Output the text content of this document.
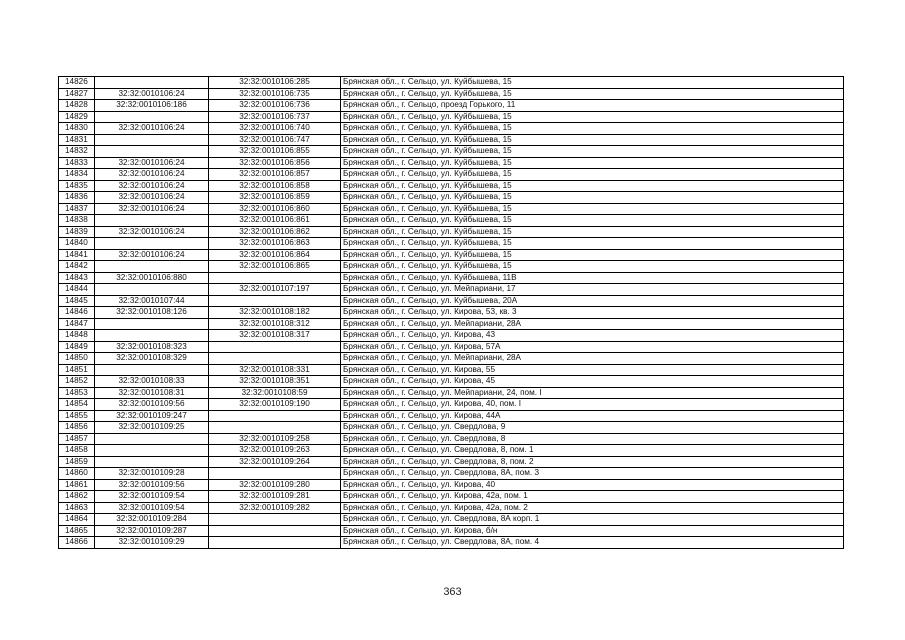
14826		32:32:0010106:285	Брянская обл., г. Сельцо, ул. Куйбышева, 15
14827	32:32:0010106:24	32:32:0010106:735	Брянская обл., г. Сельцо, ул. Куйбышева, 15
14828	32:32:0010106:186	32:32:0010106:736	Брянская обл., г. Сельцо, проезд Горького, 11
14829		32:32:0010106:737	Брянская обл., г. Сельцо, ул. Куйбышева, 15
14830	32:32:0010106:24	32:32:0010106:740	Брянская обл., г. Сельцо, ул. Куйбышева, 15
14831		32:32:0010106:747	Брянская обл., г. Сельцо, ул. Куйбышева, 15
14832		32:32:0010106:855	Брянская обл., г. Сельцо, ул. Куйбышева, 15
14833	32:32:0010106:24	32:32:0010106:856	Брянская обл., г. Сельцо, ул. Куйбышева, 15
14834	32:32:0010106:24	32:32:0010106:857	Брянская обл., г. Сельцо, ул. Куйбышева, 15
14835	32:32:0010106:24	32:32:0010106:858	Брянская обл., г. Сельцо, ул. Куйбышева, 15
14836	32:32:0010106:24	32:32:0010106:859	Брянская обл., г. Сельцо, ул. Куйбышева, 15
14837	32:32:0010106:24	32:32:0010106:860	Брянская обл., г. Сельцо, ул. Куйбышева, 15
14838		32:32:0010106:861	Брянская обл., г. Сельцо, ул. Куйбышева, 15
14839	32:32:0010106:24	32:32:0010106:862	Брянская обл., г. Сельцо, ул. Куйбышева, 15
14840		32:32:0010106:863	Брянская обл., г. Сельцо, ул. Куйбышева, 15
14841	32:32:0010106:24	32:32:0010106:864	Брянская обл., г. Сельцо, ул. Куйбышева, 15
14842		32:32:0010106:865	Брянская обл., г. Сельцо, ул. Куйбышева, 15
14843	32:32:0010106:880		Брянская обл., г. Сельцо, ул. Куйбышева, 11В
14844		32:32:0010107:197	Брянская обл., г. Сельцо, ул. Мейпариани, 17
14845	32:32:0010107:44		Брянская обл., г. Сельцо, ул. Куйбышева, 20А
14846	32:32:0010108:126	32:32:0010108:182	Брянская обл., г. Сельцо, ул. Кирова, 53, кв. 3
14847		32:32:0010108:312	Брянская обл., г. Сельцо, ул. Мейпариани, 28А
14848		32:32:0010108:317	Брянская обл., г. Сельцо, ул. Кирова, 43
14849	32:32:0010108:323		Брянская обл., г. Сельцо, ул. Кирова, 57А
14850	32:32:0010108:329		Брянская обл., г. Сельцо, ул. Мейпариани, 28А
14851		32:32:0010108:331	Брянская обл., г. Сельцо, ул. Кирова, 55
14852	32:32:0010108:33	32:32:0010108:351	Брянская обл., г. Сельцо, ул. Кирова, 45
14853	32:32:0010108:31	32:32:0010108:59	Брянская обл., г. Сельцо, ул. Мейпариани, 24, пом. I
14854	32:32:0010109:56	32:32:0010109:190	Брянская обл., г. Сельцо, ул. Кирова, 40, пом. I
14855	32:32:0010109:247		Брянская обл., г. Сельцо, ул. Кирова, 44А
14856	32:32:0010109:25		Брянская обл., г. Сельцо, ул. Свердлова, 9
14857		32:32:0010109:258	Брянская обл., г. Сельцо, ул. Свердлова, 8
14858		32:32:0010109:263	Брянская обл., г. Сельцо, ул. Свердлова, 8, пом. 1
14859		32:32:0010109:264	Брянская обл., г. Сельцо, ул. Свердлова, 8, пом. 2
14860	32:32:0010109:28		Брянская обл., г. Сельцо, ул. Свердлова, 8А, пом. 3
14861	32:32:0010109:56	32:32:0010109:280	Брянская обл., г. Сельцо, ул. Кирова, 40
14862	32:32:0010109:54	32:32:0010109:281	Брянская обл., г. Сельцо, ул. Кирова, 42а, пом. 1
14863	32:32:0010109:54	32:32:0010109:282	Брянская обл., г. Сельцо, ул. Кирова, 42а, пом. 2
14864	32:32:0010109:284		Брянская обл., г. Сельцо, ул. Свердлова, 8А корп. 1
14865	32:32:0010109:287		Брянская обл., г. Сельцо, ул. Кирова, б/н
14866	32:32:0010109:29		Брянская обл., г. Сельцо, ул. Свердлова, 8А, пом. 4
363
